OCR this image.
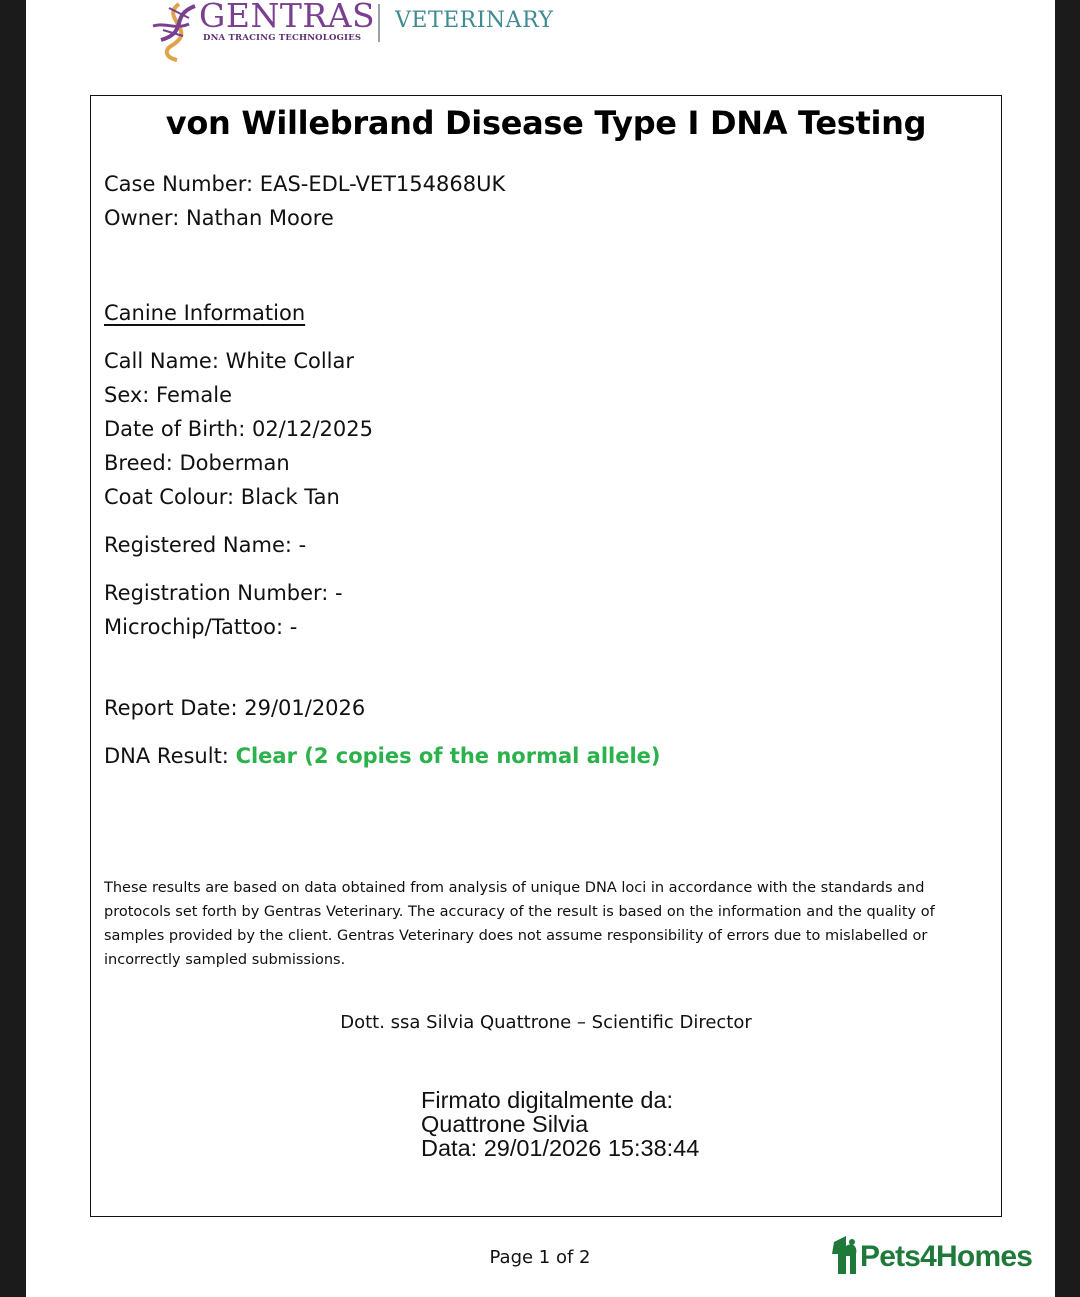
GENTRAS
DNA TRACING TECHNOLOGIES
VETERINARY
von Willebrand Disease Type I DNA Testing
Case Number: EAS-EDL-VET154868UK
Owner: Nathan Moore
Canine Information
Call Name: White Collar
Sex: Female
Date of Birth: 02/12/2025
Breed: Doberman
Coat Colour: Black Tan
Registered Name: -
Registration Number: -
Microchip/Tattoo: -
Report Date: 29/01/2026
DNA Result: Clear (2 copies of the normal allele)
These results are based on data obtained from analysis of unique DNA loci in accordance with the standards and protocols set forth by Gentras Veterinary. The accuracy of the result is based on the information and the quality of samples provided by the client. Gentras Veterinary does not assume responsibility of errors due to mislabelled or incorrectly sampled submissions.
Dott. ssa Silvia Quattrone – Scientific Director
Firmato digitalmente da:
Quattrone Silvia
Data: 29/01/2026 15:38:44
Page 1 of 2	Pets4Homes
